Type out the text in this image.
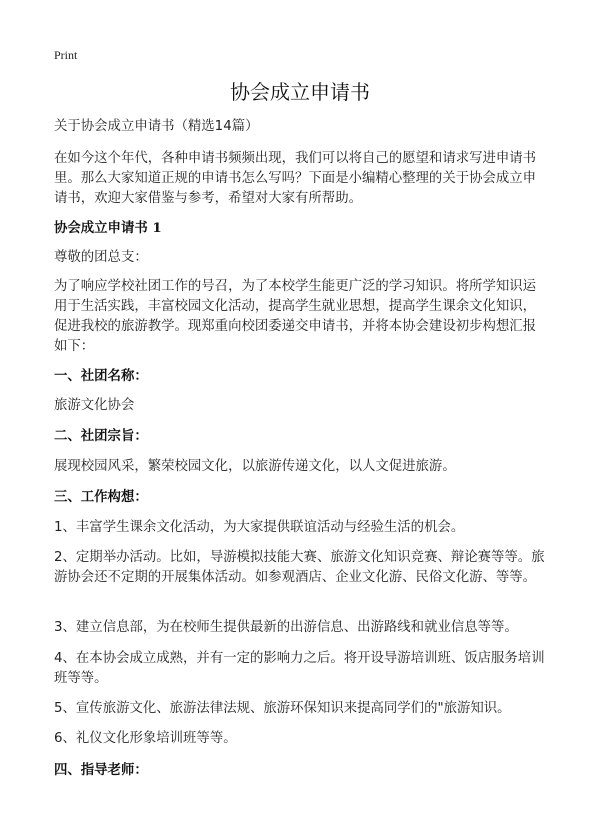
Print
协会成立申请书
关于协会成立申请书（精选14篇）
在如今这个年代，各种申请书频频出现，我们可以将自己的愿望和请求写进申请书里。那么大家知道正规的申请书怎么写吗？下面是小编精心整理的关于协会成立申请书，欢迎大家借鉴与参考，希望对大家有所帮助。
协会成立申请书 1
尊敬的团总支：
为了响应学校社团工作的号召，为了本校学生能更广泛的学习知识。将所学知识运用于生活实践，丰富校园文化活动，提高学生就业思想，提高学生课余文化知识，促进我校的旅游教学。现郑重向校团委递交申请书，并将本协会建设初步构想汇报如下：
一、社团名称：
旅游文化协会
二、社团宗旨：
展现校园风采，繁荣校园文化，以旅游传递文化，以人文促进旅游。
三、工作构想：
1、丰富学生课余文化活动，为大家提供联谊活动与经验生活的机会。
2、定期举办活动。比如，导游模拟技能大赛、旅游文化知识竞赛、辩论赛等等。旅游协会还不定期的开展集体活动。如参观酒店、企业文化游、民俗文化游、等等。
3、建立信息部，为在校师生提供最新的出游信息、出游路线和就业信息等等。
4、在本协会成立成熟，并有一定的影响力之后。将开设导游培训班、饭店服务培训班等等。
5、宣传旅游文化、旅游法律法规、旅游环保知识来提高同学们的"旅游知识。
6、礼仪文化形象培训班等等。
四、指导老师：
